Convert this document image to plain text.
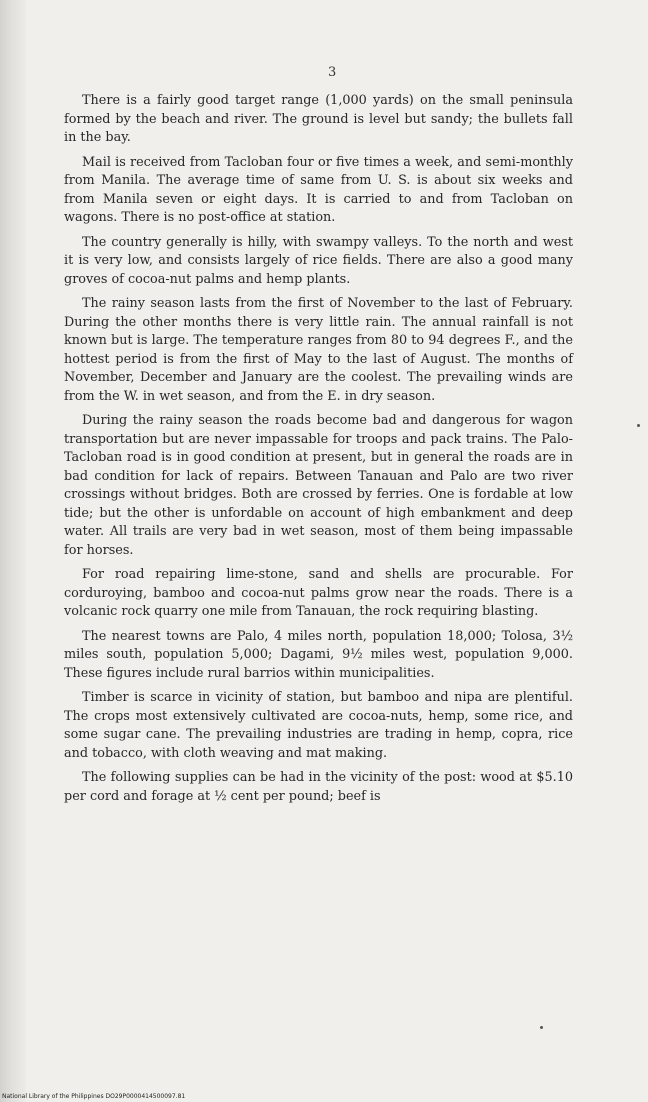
3

There is a fairly good target range (1,000 yards) on the small peninsula formed by the beach and river. The ground is level but sandy; the bullets fall in the bay.

Mail is received from Tacloban four or five times a week, and semi-monthly from Manila. The average time of same from U. S. is about six weeks and from Manila seven or eight days. It is carried to and from Tacloban on wagons. There is no post-office at station.

The country generally is hilly, with swampy valleys. To the north and west it is very low, and consists largely of rice fields. There are also a good many groves of cocoa-nut palms and hemp plants.

The rainy season lasts from the first of November to the last of February. During the other months there is very little rain. The annual rainfall is not known but is large. The temperature ranges from 80 to 94 degrees F., and the hottest period is from the first of May to the last of August. The months of November, December and January are the coolest. The prevailing winds are from the W. in wet season, and from the E. in dry season.

During the rainy season the roads become bad and dangerous for wagon transportation but are never impassable for troops and pack trains. The Palo-Tacloban road is in good condition at present, but in general the roads are in bad condition for lack of repairs. Between Tanauan and Palo are two river crossings without bridges. Both are crossed by ferries. One is fordable at low tide; but the other is unfordable on account of high embankment and deep water. All trails are very bad in wet season, most of them being impassable for horses.

For road repairing lime-stone, sand and shells are procurable. For corduroying, bamboo and cocoa-nut palms grow near the roads. There is a volcanic rock quarry one mile from Tanauan, the rock requiring blasting.

The nearest towns are Palo, 4 miles north, population 18,000; Tolosa, 3½ miles south, population 5,000; Dagami, 9½ miles west, population 9,000. These figures include rural barrios within municipalities.

Timber is scarce in vicinity of station, but bamboo and nipa are plentiful. The crops most extensively cultivated are cocoa-nuts, hemp, some rice, and some sugar cane. The prevailing industries are trading in hemp, copra, rice and tobacco, with cloth weaving and mat making.

The following supplies can be had in the vicinity of the post: wood at $5.10 per cord and forage at ½ cent per pound; beef is

National Library of the Philippines DO29P0000414500097.81
